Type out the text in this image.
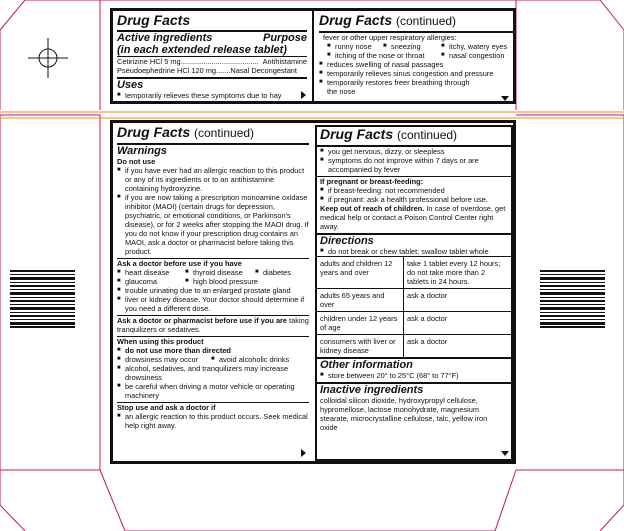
Drug Facts
Active ingredients	Purpose
(in each extended release tablet)
Cetirizine HCl 5 mg ...................................... Antihistamine
Pseudoephedrine HCl 120 mg ....... Nasal Decongestant
Uses
■ temporarily relieves these symptoms due to hay
Drug Facts (continued)
fever or other upper respiratory allergies:
■ runny nose	■ sneezing	■ itchy, watery eyes
■ itching of the nose or throat	■ nasal congestion
■ reduces swelling of nasal passages
■ temporarily relieves sinus congestion and pressure
■ temporarily restores freer breathing through
the nose
Drug Facts (continued)
Warnings
Do not use
■ if you have ever had an allergic reaction to this product or any of its ingredients or to an antihistamine containing hydroxyzine.
■ if you are now taking a prescription monoamine oxidase inhibitor (MAOI) (certain drugs for depression, psychiatric, or emotional conditions, or Parkinson's disease), or for 2 weeks after stopping the MAOI drug. If you do not know if your prescription drug contains an MAOI, ask a doctor or pharmacist before taking this product.
Ask a doctor before use if you have
■ heart disease	■ thyroid disease	■ diabetes
■ glaucoma	■ high blood pressure
■ trouble urinating due to an enlarged prostate gland
■ liver or kidney disease. Your doctor should determine if you need a different dose.
Ask a doctor or pharmacist before use if you are taking tranquilizers or sedatives.
When using this product
■ do not use more than directed
■ drowsiness may occur	■ avoid alcoholic drinks
■ alcohol, sedatives, and tranquilizers may increase drowsiness
■ be careful when driving a motor vehicle or operating machinery
Stop use and ask a doctor if
■ an allergic reaction to this product occurs. Seek medical help right away.
Drug Facts (continued)
■ you get nervous, dizzy, or sleepless
■ symptoms do not improve within 7 days or are accompanied by fever
If pregnant or breast-feeding:
■ if breast-feeding: not recommended
■ if pregnant: ask a health professional before use.
Keep out of reach of children. In case of overdose, get medical help or contact a Poison Control Center right away.
Directions
■ do not break or chew tablet; swallow tablet whole
adults and children 12 years and over	take 1 tablet every 12 hours; do not take more than 2 tablets in 24 hours.
adults 65 years and over	ask a doctor
children under 12 years of age	ask a doctor
consumers with liver or kidney disease	ask a doctor
Other information
■ store between 20° to 25°C (68° to 77°F)
Inactive ingredients
colloidal silicon dioxide, hydroxypropyl cellulose, hypromellose, lactose monohydrate, magnesium stearate, microcrystalline cellulose, talc, yellow iron oxide
